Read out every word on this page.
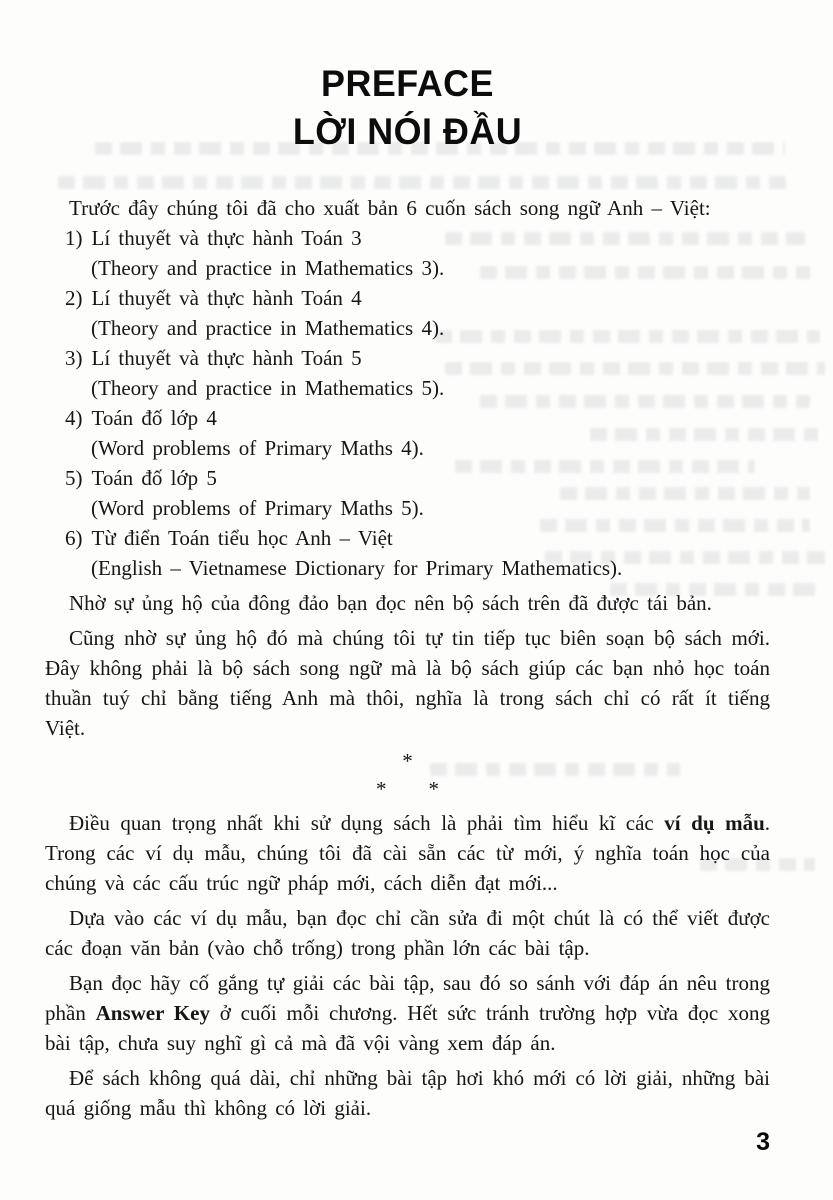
PREFACE
LỜI NÓI ĐẦU

Trước đây chúng tôi đã cho xuất bản 6 cuốn sách song ngữ Anh – Việt:

1) Lí thuyết và thực hành Toán 3
(Theory and practice in Mathematics 3).
2) Lí thuyết và thực hành Toán 4
(Theory and practice in Mathematics 4).
3) Lí thuyết và thực hành Toán 5
(Theory and practice in Mathematics 5).
4) Toán đố lớp 4
(Word problems of Primary Maths 4).
5) Toán đố lớp 5
(Word problems of Primary Maths 5).
6) Từ điển Toán tiểu học Anh – Việt
(English – Vietnamese Dictionary for Primary Mathematics).

Nhờ sự ủng hộ của đông đảo bạn đọc nên bộ sách trên đã được tái bản.

Cũng nhờ sự ủng hộ đó mà chúng tôi tự tin tiếp tục biên soạn bộ sách mới. Đây không phải là bộ sách song ngữ mà là bộ sách giúp các bạn nhỏ học toán thuần tuý chỉ bằng tiếng Anh mà thôi, nghĩa là trong sách chỉ có rất ít tiếng Việt.

*
* *

Điều quan trọng nhất khi sử dụng sách là phải tìm hiểu kĩ các ví dụ mẫu. Trong các ví dụ mẫu, chúng tôi đã cài sẵn các từ mới, ý nghĩa toán học của chúng và các cấu trúc ngữ pháp mới, cách diễn đạt mới...

Dựa vào các ví dụ mẫu, bạn đọc chỉ cần sửa đi một chút là có thể viết được các đoạn văn bản (vào chỗ trống) trong phần lớn các bài tập.

Bạn đọc hãy cố gắng tự giải các bài tập, sau đó so sánh với đáp án nêu trong phần Answer Key ở cuối mỗi chương. Hết sức tránh trường hợp vừa đọc xong bài tập, chưa suy nghĩ gì cả mà đã vội vàng xem đáp án.

Để sách không quá dài, chỉ những bài tập hơi khó mới có lời giải, những bài quá giống mẫu thì không có lời giải.

3
